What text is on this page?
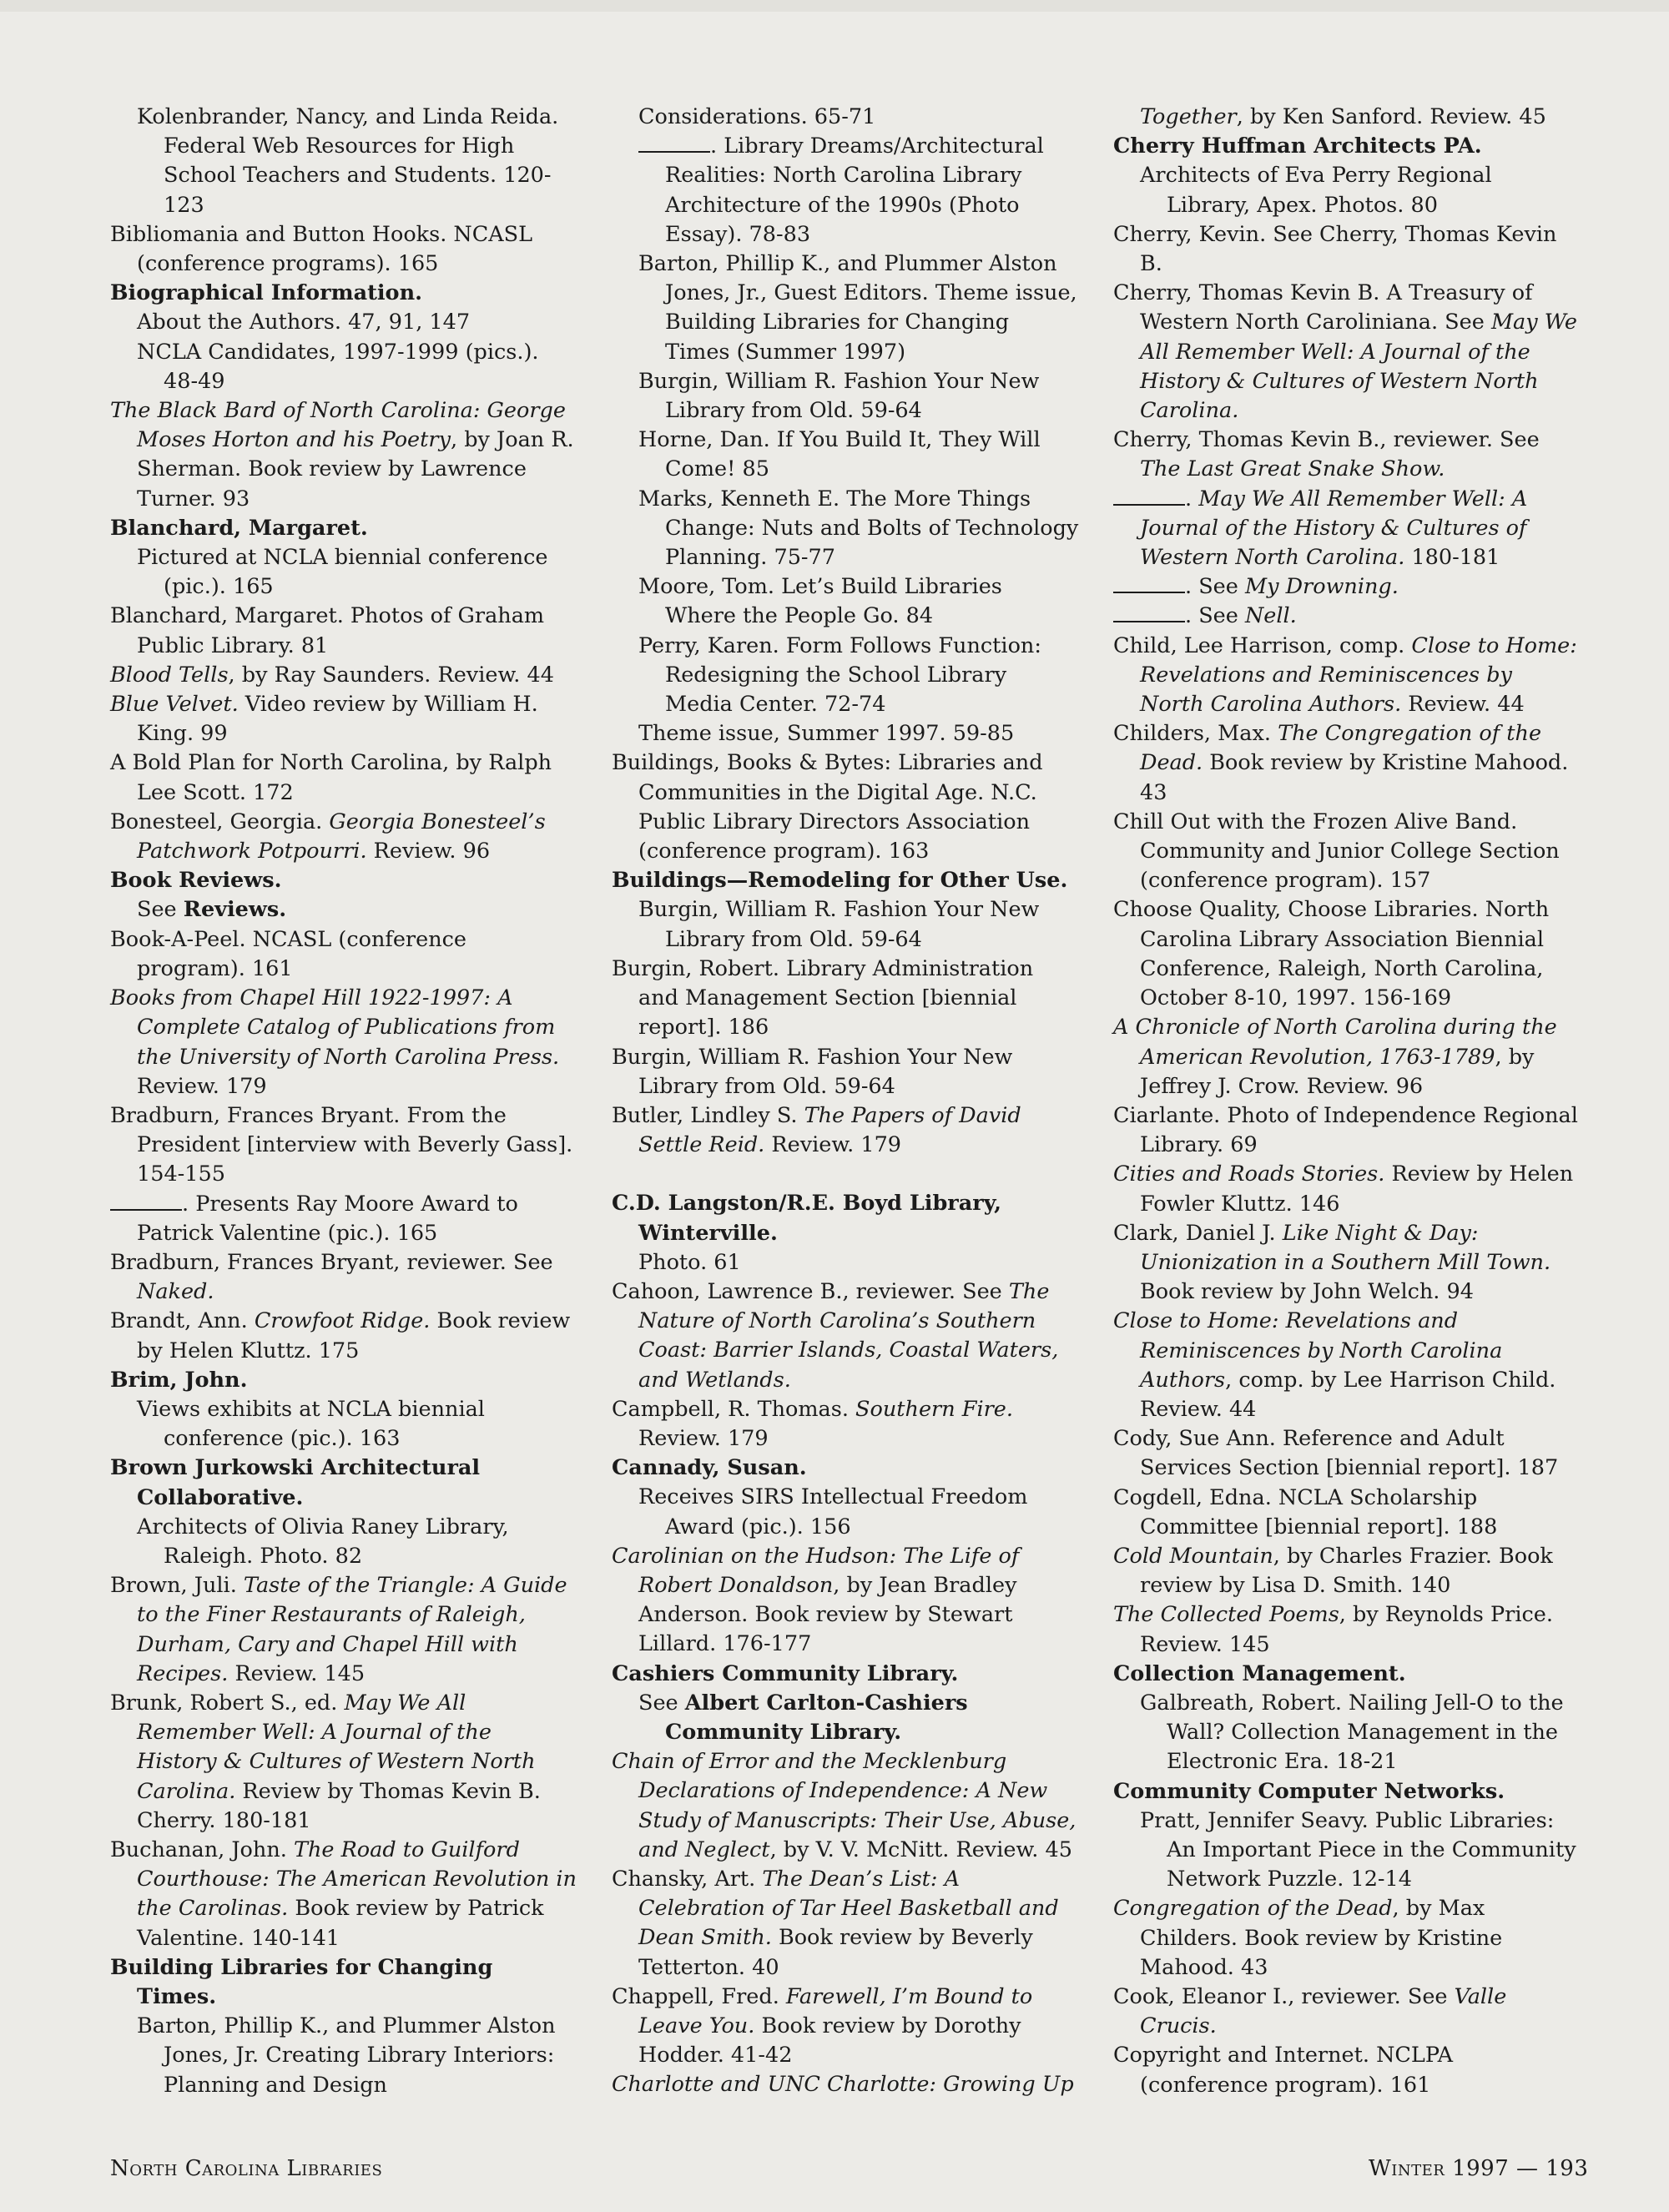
Kolenbrander, Nancy, and Linda Reida. Federal Web Resources for High School Teachers and Students. 120-123
Bibliomania and Button Hooks. NCASL (conference programs). 165
Biographical Information.
About the Authors. 47, 91, 147
NCLA Candidates, 1997-1999 (pics.). 48-49
The Black Bard of North Carolina: George Moses Horton and his Poetry, by Joan R. Sherman. Book review by Lawrence Turner. 93
Blanchard, Margaret.
Pictured at NCLA biennial conference (pic.). 165
Blanchard, Margaret. Photos of Graham Public Library. 81
Blood Tells, by Ray Saunders. Review. 44
Blue Velvet. Video review by William H. King. 99
A Bold Plan for North Carolina, by Ralph Lee Scott. 172
Bonesteel, Georgia. Georgia Bonesteel’s Patchwork Potpourri. Review. 96
Book Reviews.
See Reviews.
Book-A-Peel. NCASL (conference program). 161
Books from Chapel Hill 1922-1997: A Complete Catalog of Publications from the University of North Carolina Press. Review. 179
Bradburn, Frances Bryant. From the President [interview with Beverly Gass]. 154-155
. Presents Ray Moore Award to Patrick Valentine (pic.). 165
Bradburn, Frances Bryant, reviewer. See Naked.
Brandt, Ann. Crowfoot Ridge. Book review by Helen Kluttz. 175
Brim, John.
Views exhibits at NCLA biennial conference (pic.). 163
Brown Jurkowski Architectural Collaborative.
Architects of Olivia Raney Library, Raleigh. Photo. 82
Brown, Juli. Taste of the Triangle: A Guide to the Finer Restaurants of Raleigh, Durham, Cary and Chapel Hill with Recipes. Review. 145
Brunk, Robert S., ed. May We All Remember Well: A Journal of the History & Cultures of Western North Carolina. Review by Thomas Kevin B. Cherry. 180-181
Buchanan, John. The Road to Guilford Courthouse: The American Revolution in the Carolinas. Book review by Patrick Valentine. 140-141
Building Libraries for Changing Times.
Barton, Phillip K., and Plummer Alston Jones, Jr. Creating Library Interiors: Planning and Design
Considerations. 65-71
. Library Dreams/Architectural Realities: North Carolina Library Architecture of the 1990s (Photo Essay). 78-83
Barton, Phillip K., and Plummer Alston Jones, Jr., Guest Editors. Theme issue, Building Libraries for Changing Times (Summer 1997)
Burgin, William R. Fashion Your New Library from Old. 59-64
Horne, Dan. If You Build It, They Will Come! 85
Marks, Kenneth E. The More Things Change: Nuts and Bolts of Technology Planning. 75-77
Moore, Tom. Let’s Build Libraries Where the People Go. 84
Perry, Karen. Form Follows Function: Redesigning the School Library Media Center. 72-74
Theme issue, Summer 1997. 59-85
Buildings, Books & Bytes: Libraries and Communities in the Digital Age. N.C. Public Library Directors Association (conference program). 163
Buildings—Remodeling for Other Use.
Burgin, William R. Fashion Your New Library from Old. 59-64
Burgin, Robert. Library Administration and Management Section [biennial report]. 186
Burgin, William R. Fashion Your New Library from Old. 59-64
Butler, Lindley S. The Papers of David Settle Reid. Review. 179
C.D. Langston/R.E. Boyd Library, Winterville.
Photo. 61
Cahoon, Lawrence B., reviewer. See The Nature of North Carolina’s Southern Coast: Barrier Islands, Coastal Waters, and Wetlands.
Campbell, R. Thomas. Southern Fire. Review. 179
Cannady, Susan.
Receives SIRS Intellectual Freedom Award (pic.). 156
Carolinian on the Hudson: The Life of Robert Donaldson, by Jean Bradley Anderson. Book review by Stewart Lillard. 176-177
Cashiers Community Library.
See Albert Carlton-Cashiers Community Library.
Chain of Error and the Mecklenburg Declarations of Independence: A New Study of Manuscripts: Their Use, Abuse, and Neglect, by V. V. McNitt. Review. 45
Chansky, Art. The Dean’s List: A Celebration of Tar Heel Basketball and Dean Smith. Book review by Beverly Tetterton. 40
Chappell, Fred. Farewell, I’m Bound to Leave You. Book review by Dorothy Hodder. 41-42
Charlotte and UNC Charlotte: Growing Up
Together, by Ken Sanford. Review. 45
Cherry Huffman Architects PA.
Architects of Eva Perry Regional Library, Apex. Photos. 80
Cherry, Kevin. See Cherry, Thomas Kevin B.
Cherry, Thomas Kevin B. A Treasury of Western North Caroliniana. See May We All Remember Well: A Journal of the History & Cultures of Western North Carolina.
Cherry, Thomas Kevin B., reviewer. See The Last Great Snake Show.
. May We All Remember Well: A Journal of the History & Cultures of Western North Carolina. 180-181
. See My Drowning.
. See Nell.
Child, Lee Harrison, comp. Close to Home: Revelations and Reminiscences by North Carolina Authors. Review. 44
Childers, Max. The Congregation of the Dead. Book review by Kristine Mahood. 43
Chill Out with the Frozen Alive Band. Community and Junior College Section (conference program). 157
Choose Quality, Choose Libraries. North Carolina Library Association Biennial Conference, Raleigh, North Carolina, October 8-10, 1997. 156-169
A Chronicle of North Carolina during the American Revolution, 1763-1789, by Jeffrey J. Crow. Review. 96
Ciarlante. Photo of Independence Regional Library. 69
Cities and Roads Stories. Review by Helen Fowler Kluttz. 146
Clark, Daniel J. Like Night & Day: Unionization in a Southern Mill Town. Book review by John Welch. 94
Close to Home: Revelations and Reminiscences by North Carolina Authors, comp. by Lee Harrison Child. Review. 44
Cody, Sue Ann. Reference and Adult Services Section [biennial report]. 187
Cogdell, Edna. NCLA Scholarship Committee [biennial report]. 188
Cold Mountain, by Charles Frazier. Book review by Lisa D. Smith. 140
The Collected Poems, by Reynolds Price. Review. 145
Collection Management.
Galbreath, Robert. Nailing Jell-O to the Wall? Collection Management in the Electronic Era. 18-21
Community Computer Networks.
Pratt, Jennifer Seavy. Public Libraries: An Important Piece in the Community Network Puzzle. 12-14
Congregation of the Dead, by Max Childers. Book review by Kristine Mahood. 43
Cook, Eleanor I., reviewer. See Valle Crucis.
Copyright and Internet. NCLPA (conference program). 161
North Carolina Libraries	Winter 1997 — 193
